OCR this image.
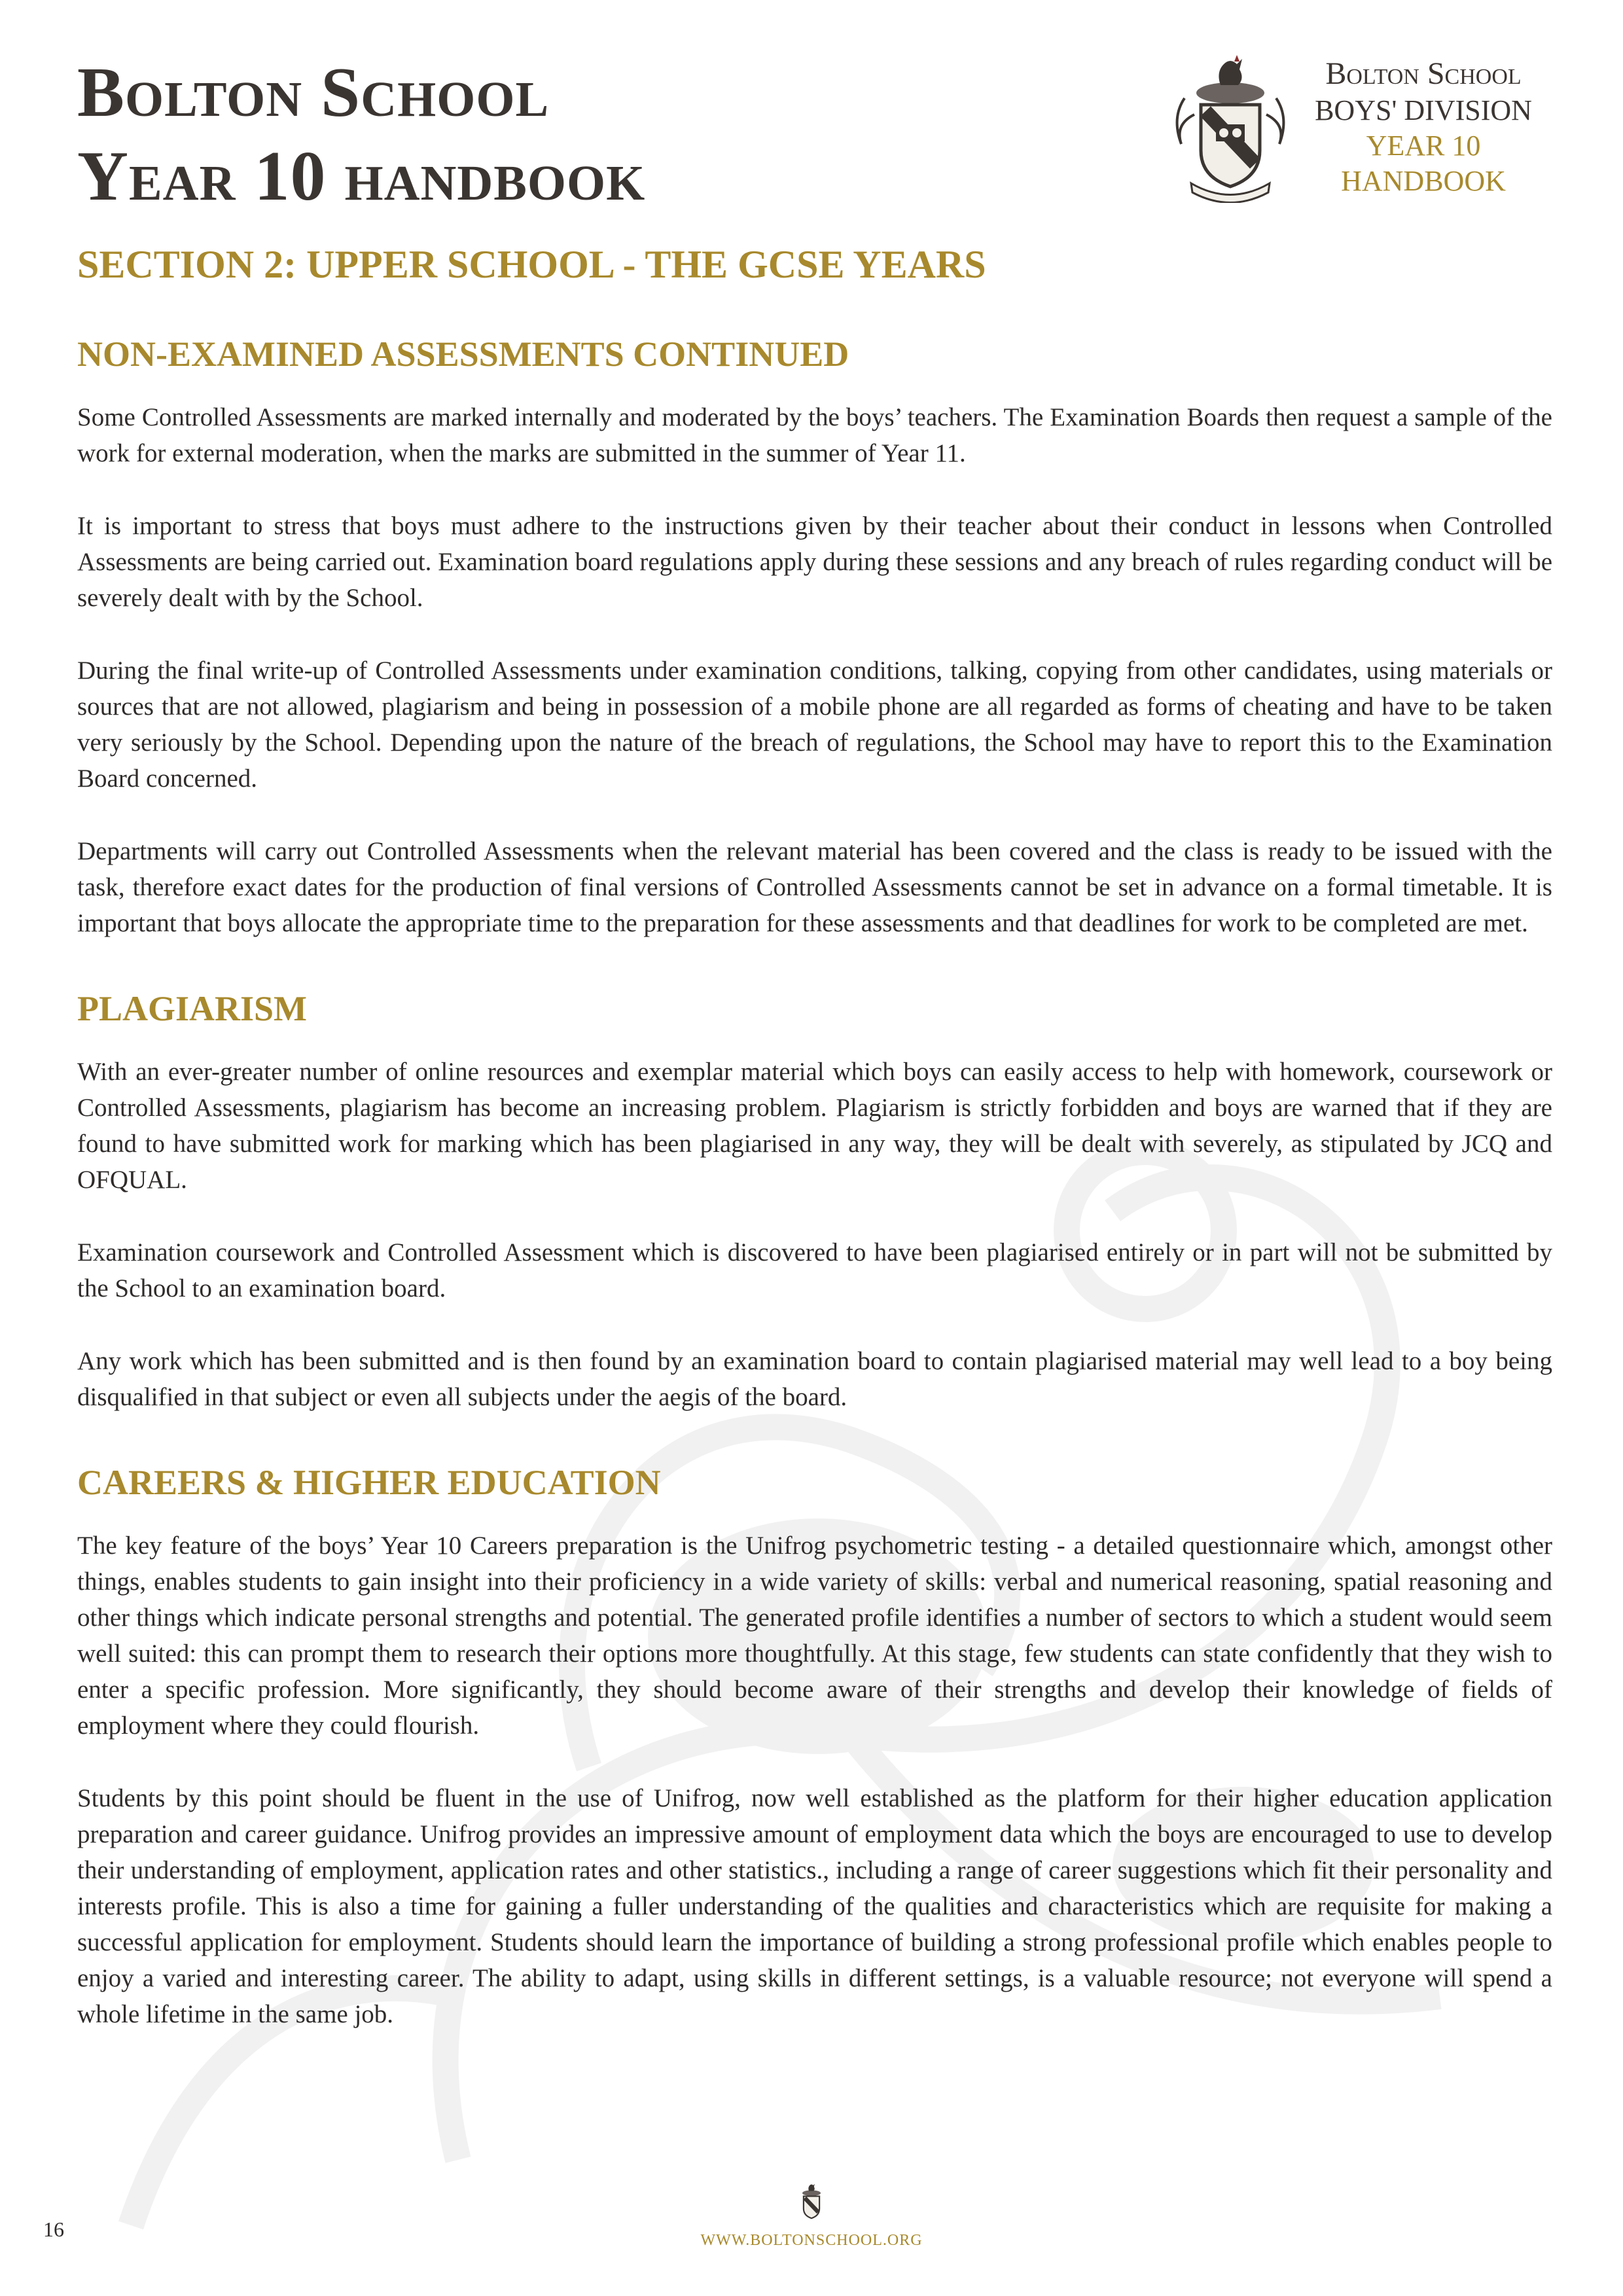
Bolton School
Year 10 handbook
Bolton School
BOYS' DIVISION
YEAR 10
HANDBOOK
SECTION 2: UPPER SCHOOL - THE GCSE YEARS
NON-EXAMINED ASSESSMENTS CONTINUED

Some Controlled Assessments are marked internally and moderated by the boys’ teachers. The Examination Boards then request a sample of the work for external moderation, when the marks are submitted in the summer of Year 11.

It is important to stress that boys must adhere to the instructions given by their teacher about their conduct in lessons when Controlled Assessments are being carried out. Examination board regulations apply during these sessions and any breach of rules regarding conduct will be severely dealt with by the School.

During the final write-up of Controlled Assessments under examination conditions, talking, copying from other candidates, using materials or sources that are not allowed, plagiarism and being in possession of a mobile phone are all regarded as forms of cheating and have to be taken very seriously by the School. Depending upon the nature of the breach of regulations, the School may have to report this to the Examination Board concerned.

Departments will carry out Controlled Assessments when the relevant material has been covered and the class is ready to be issued with the task, therefore exact dates for the production of final versions of Controlled Assessments cannot be set in advance on a formal timetable. It is important that boys allocate the appropriate time to the preparation for these assessments and that deadlines for work to be completed are met.

PLAGIARISM

With an ever-greater number of online resources and exemplar material which boys can easily access to help with homework, coursework or Controlled Assessments, plagiarism has become an increasing problem. Plagiarism is strictly forbidden and boys are warned that if they are found to have submitted work for marking which has been plagiarised in any way, they will be dealt with severely, as stipulated by JCQ and OFQUAL.

Examination coursework and Controlled Assessment which is discovered to have been plagiarised entirely or in part will not be submitted by the School to an examination board.

Any work which has been submitted and is then found by an examination board to contain plagiarised material may well lead to a boy being disqualified in that subject or even all subjects under the aegis of the board.

CAREERS & HIGHER EDUCATION

The key feature of the boys’ Year 10 Careers preparation is the Unifrog psychometric testing - a detailed questionnaire which, amongst other things, enables students to gain insight into their proficiency in a wide variety of skills: verbal and numerical reasoning, spatial reasoning and other things which indicate personal strengths and potential. The generated profile identifies a number of sectors to which a student would seem well suited: this can prompt them to research their options more thoughtfully. At this stage, few students can state confidently that they wish to enter a specific profession. More significantly, they should become aware of their strengths and develop their knowledge of fields of employment where they could flourish.

Students by this point should be fluent in the use of Unifrog, now well established as the platform for their higher education application preparation and career guidance. Unifrog provides an impressive amount of employment data which the boys are encouraged to use to develop their understanding of employment, application rates and other statistics., including a range of career suggestions which fit their personality and interests profile. This is also a time for gaining a fuller understanding of the qualities and characteristics which are requisite for making a successful application for employment. Students should learn the importance of building a strong professional profile which enables people to enjoy a varied and interesting career. The ability to adapt, using skills in different settings, is a valuable resource; not everyone will spend a whole lifetime in the same job.

16	WWW.BOLTONSCHOOL.ORG
